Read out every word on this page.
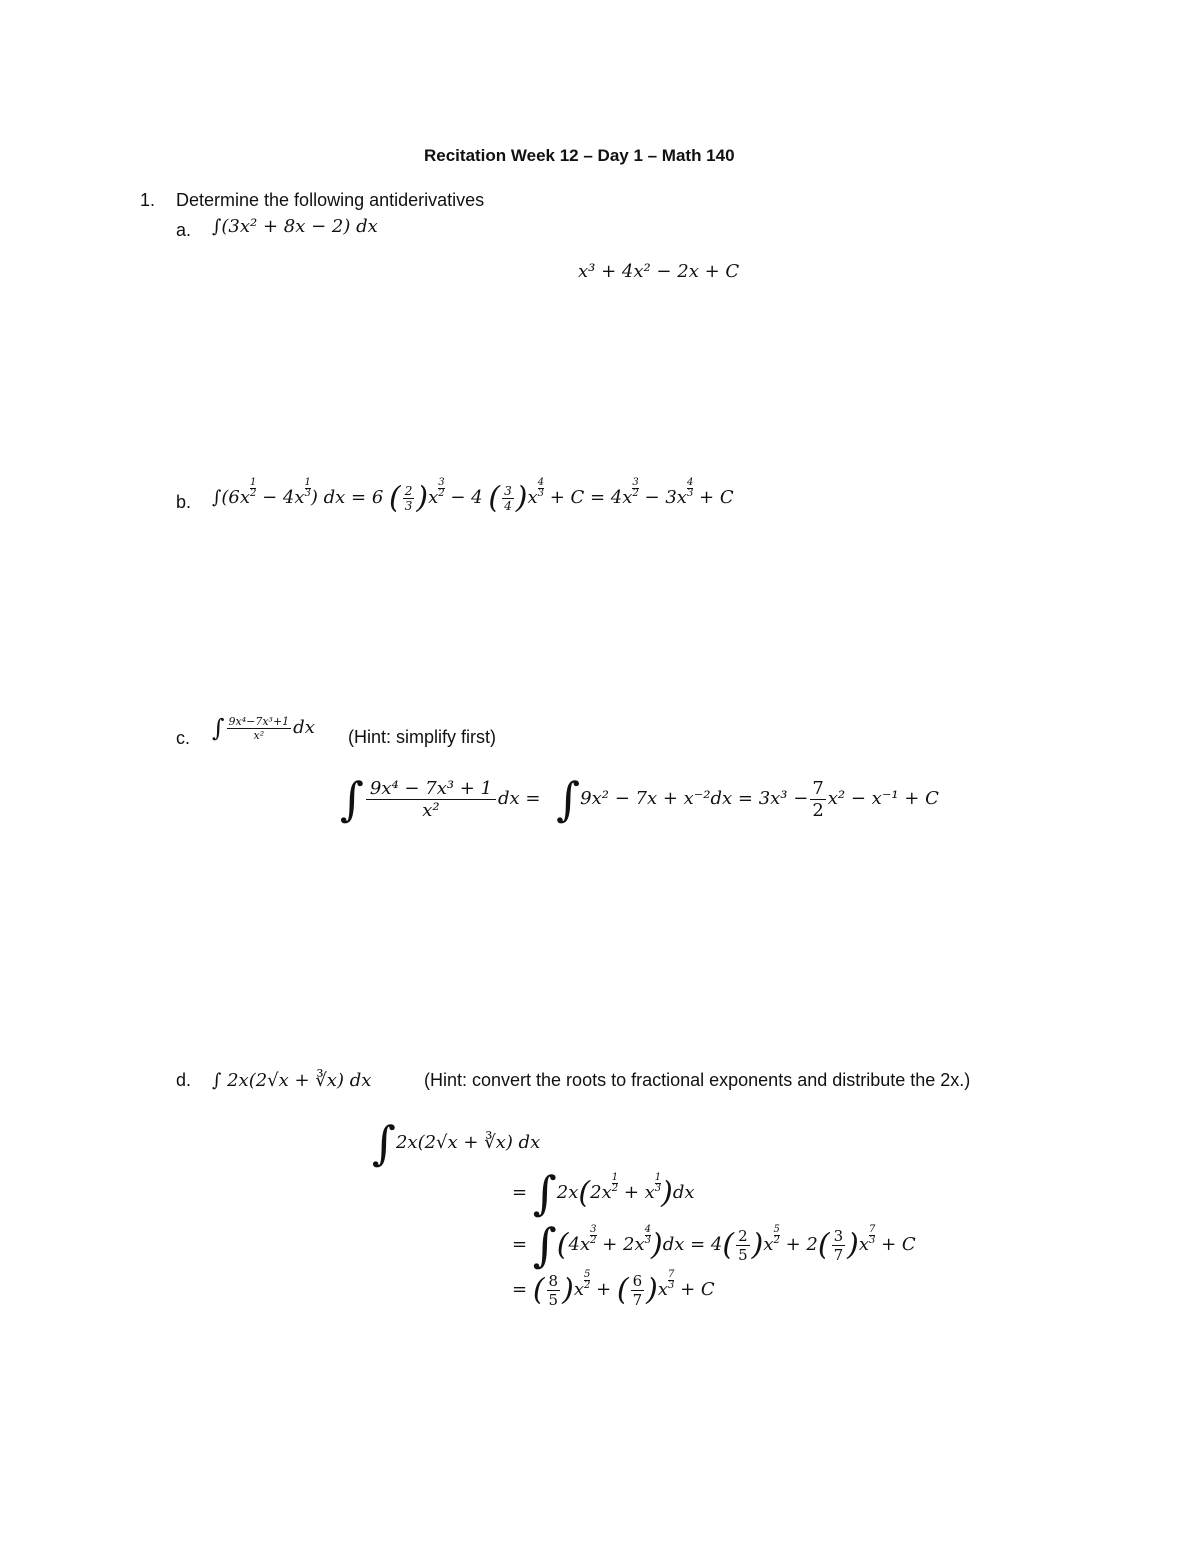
Recitation Week 12 – Day 1 – Math 140
1. Determine the following antiderivatives
a. ∫(3x² + 8x − 2) dx
x³ + 4x² − 2x + C
b. $\int(6x \frac{1}{2} - 4x \frac{1}{3}$ ) dx = 6 ( $\frac{2}{3} )x \frac{3}{2} - 4$ ( $\frac{3}{4} )x \frac{4}{3} + C = 4x \frac{3}{2} - 3x \frac{4}{3} + C$
c. ∫ $\frac{\text{9x⁴−7x³+1}}{\text{x²}}$ dx (Hint: simplify first)
∫ $\frac{\text{9x⁴ − 7x³ + 1}}{\text{x²}}$ dx = $\int 9x^2 - 7x + x^{-2}dx = 3x^3 - \frac{7}{2} x^2 - x^{-1} + C$
d. ∫ 2x(2√x + ∛x) dx	(Hint: convert the roots to fractional exponents and distribute the 2x.)
∫2x(2√x + ∛x) dx
= $\int 2x(2x \frac{1}{2} + x \frac{1}{3} )dx$
= $\int(4x \frac{3}{2} + 2x \frac{4}{3} )dx = 4( \frac{2}{5} )x \frac{5}{2} + 2( \frac{3}{7} )x \frac{7}{3} + C$
= ( $\frac{8}{5} )x \frac{5}{2}$ + ( $\frac{6}{7} )x \frac{7}{3} + C$
